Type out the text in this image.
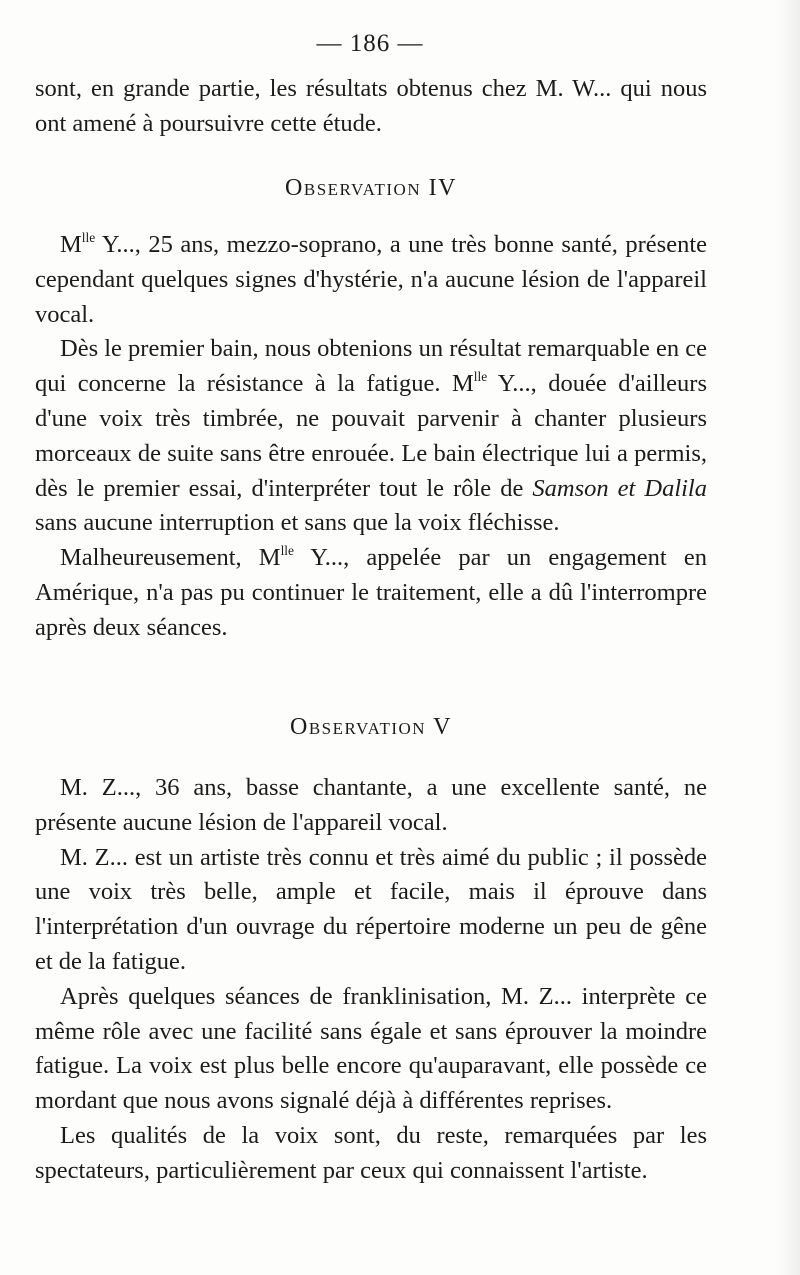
— 186 —

sont, en grande partie, les résultats obtenus chez M. W... qui nous ont amené à poursuivre cette étude.

Observation IV

$M^{lle}$ Y..., 25 ans, mezzo-soprano, a une très bonne santé, présente cependant quelques signes d'hystérie, n'a aucune lésion de l'appareil vocal.

Dès le premier bain, nous obtenions un résultat remarquable en ce qui concerne la résistance à la fatigue. $M^{lle}$ Y..., douée d'ailleurs d'une voix très timbrée, ne pouvait parvenir à chanter plusieurs morceaux de suite sans être enrouée. Le bain électrique lui a permis, dès le premier essai, d'interpréter tout le rôle de Samson et Dalila sans aucune interruption et sans que la voix fléchisse.

Malheureusement, $M^{lle}$ Y..., appelée par un engagement en Amérique, n'a pas pu continuer le traitement, elle a dû l'interrompre après deux séances.

Observation V

M. Z..., 36 ans, basse chantante, a une excellente santé, ne présente aucune lésion de l'appareil vocal.

M. Z... est un artiste très connu et très aimé du public ; il possède une voix très belle, ample et facile, mais il éprouve dans l'interprétation d'un ouvrage du répertoire moderne un peu de gêne et de la fatigue.

Après quelques séances de franklinisation, M. Z... interprète ce même rôle avec une facilité sans égale et sans éprouver la moindre fatigue. La voix est plus belle encore qu'auparavant, elle possède ce mordant que nous avons signalé déjà à différentes reprises.

Les qualités de la voix sont, du reste, remarquées par les spectateurs, particulièrement par ceux qui connaissent l'artiste.
